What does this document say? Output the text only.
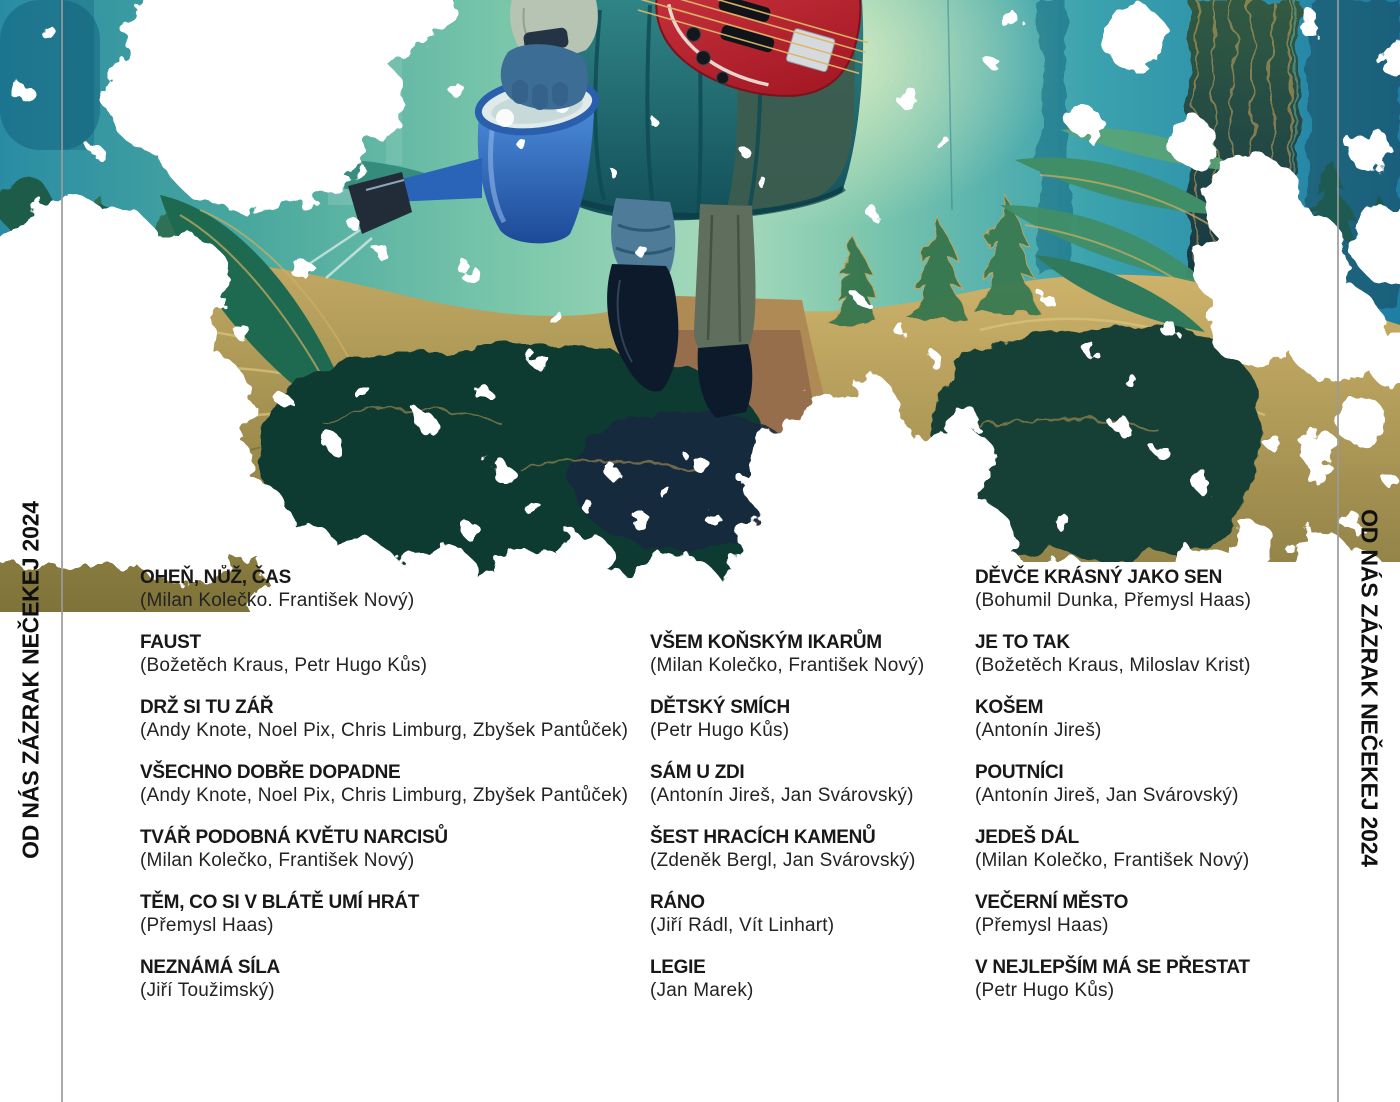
OD NÁS ZÁZRAK NEČEKEJ 2024	OD NÁS ZÁZRAK NEČEKEJ 2024
OHEŇ, NŮŽ, ČAS
(Milan Kolečko. František Nový)
FAUST
(Božetěch Kraus, Petr Hugo Kůs)
DRŽ SI TU ZÁŘ
(Andy Knote, Noel Pix, Chris Limburg, Zbyšek Pantůček)
VŠECHNO DOBŘE DOPADNE
(Andy Knote, Noel Pix, Chris Limburg, Zbyšek Pantůček)
TVÁŘ PODOBNÁ KVĚTU NARCISŮ
(Milan Kolečko, František Nový)
TĚM, CO SI V BLÁTĚ UMÍ HRÁT
(Přemysl Haas)
NEZNÁMÁ SÍLA
(Jiří Toužimský)
VŠEM KOŇSKÝM IKARŮM
(Milan Kolečko, František Nový)
DĚTSKÝ SMÍCH
(Petr Hugo Kůs)
SÁM U ZDI
(Antonín Jireš, Jan Svárovský)
ŠEST HRACÍCH KAMENŮ
(Zdeněk Bergl, Jan Svárovský)
RÁNO
(Jiří Rádl, Vít Linhart)
LEGIE
(Jan Marek)
DĚVČE KRÁSNÝ JAKO SEN
(Bohumil Dunka, Přemysl Haas)
JE TO TAK
(Božetěch Kraus, Miloslav Krist)
KOŠEM
(Antonín Jireš)
POUTNÍCI
(Antonín Jireš, Jan Svárovský)
JEDEŠ DÁL
(Milan Kolečko, František Nový)
VEČERNÍ MĚSTO
(Přemysl Haas)
V NEJLEPŠÍM MÁ SE PŘESTAT
(Petr Hugo Kůs)
